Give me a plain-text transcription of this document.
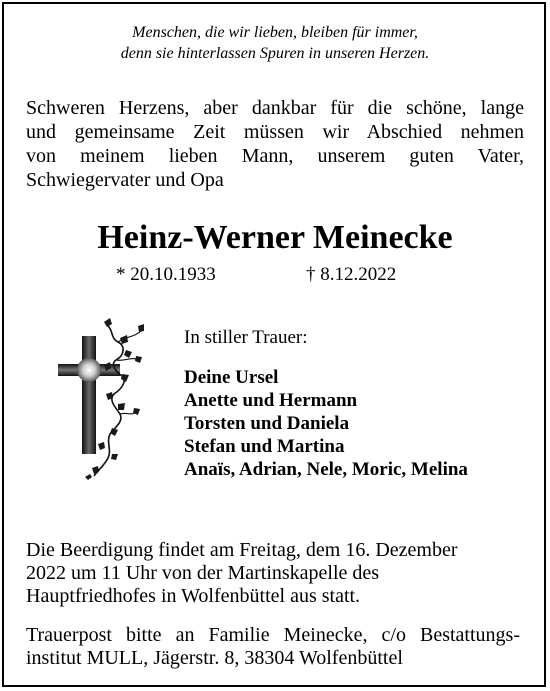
Menschen, die wir lieben, bleiben für immer,
denn sie hinterlassen Spuren in unseren Herzen.
Schweren Herzens, aber dankbar für die schöne, lange
und gemeinsame Zeit müssen wir Abschied nehmen
von meinem lieben Mann, unserem guten Vater,
Schwiegervater und Opa
Heinz-Werner Meinecke
* 20.10.1933	† 8.12.2022
In stiller Trauer:
Deine Ursel
Anette und Hermann
Torsten und Daniela
Stefan und Martina
Anaïs, Adrian, Nele, Moric, Melina
Die Beerdigung findet am Freitag, dem 16. Dezember
2022 um 11 Uhr von der Martinskapelle des
Hauptfriedhofes in Wolfenbüttel aus statt.
Trauerpost bitte an Familie Meinecke, c/o Bestattungs-
institut MULL, Jägerstr. 8, 38304 Wolfenbüttel
